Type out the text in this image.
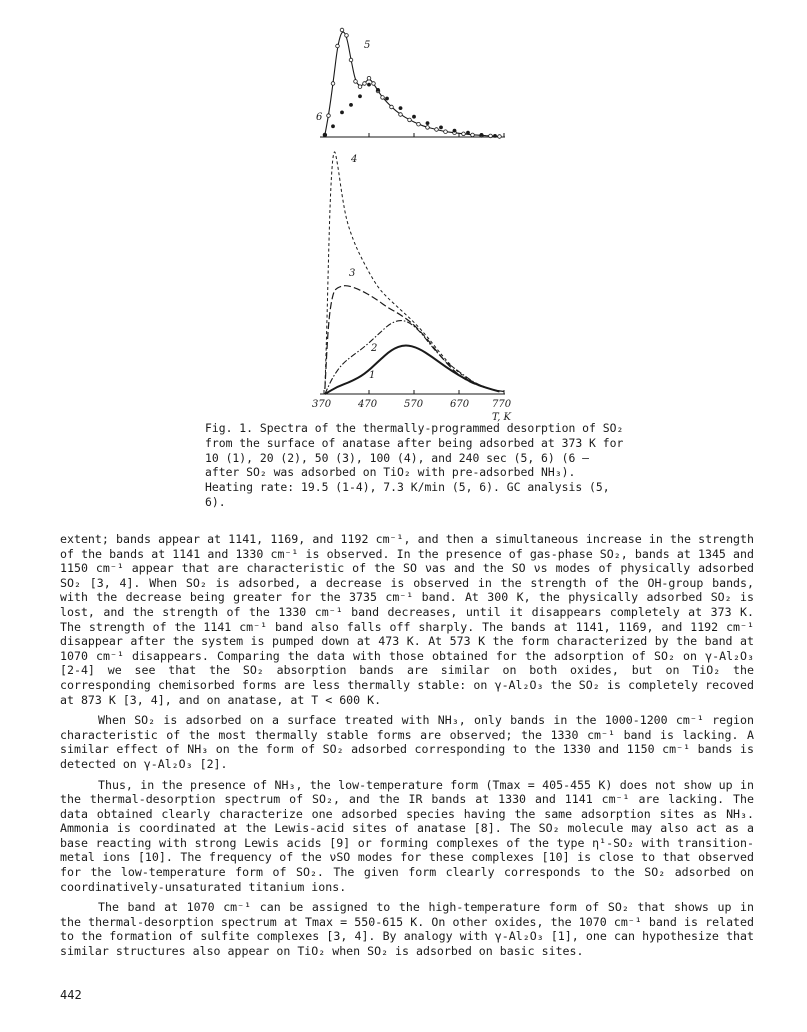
5
6
4
3
2
1
370	470	570	670 770
T, K

Fig. 1. Spectra of the thermally-programmed desorption of SO₂ from the surface of anatase after being adsorbed at 373 K for 10 (1), 20 (2), 50 (3), 100 (4), and 240 sec (5, 6) (6 — after SO₂ was adsorbed on TiO₂ with pre-adsorbed NH₃). Heating rate: 19.5 (1-4), 7.3 K/min (5, 6). GC analysis (5, 6).

extent; bands appear at 1141, 1169, and 1192 cm⁻¹, and then a simultaneous increase in the strength of the bands at 1141 and 1330 cm⁻¹ is observed. In the presence of gas-phase SO₂, bands at 1345 and 1150 cm⁻¹ appear that are characteristic of the SO νas and the SO νs modes of physically adsorbed SO₂ [3, 4]. When SO₂ is adsorbed, a decrease is observed in the strength of the OH-group bands, with the decrease being greater for the 3735 cm⁻¹ band. At 300 K, the physically adsorbed SO₂ is lost, and the strength of the 1330 cm⁻¹ band decreases, until it disappears completely at 373 K. The strength of the 1141 cm⁻¹ band also falls off sharply. The bands at 1141, 1169, and 1192 cm⁻¹ disappear after the system is pumped down at 473 K. At 573 K the form characterized by the band at 1070 cm⁻¹ disappears. Comparing the data with those obtained for the adsorption of SO₂ on γ-Al₂O₃ [2-4] we see that the SO₂ absorption bands are similar on both oxides, but on TiO₂ the corresponding chemisorbed forms are less thermally stable: on γ-Al₂O₃ the SO₂ is completely recoved at 873 K [3, 4], and on anatase, at T < 600 K.

When SO₂ is adsorbed on a surface treated with NH₃, only bands in the 1000-1200 cm⁻¹ region characteristic of the most thermally stable forms are observed; the 1330 cm⁻¹ band is lacking. A similar effect of NH₃ on the form of SO₂ adsorbed corresponding to the 1330 and 1150 cm⁻¹ bands is detected on γ-Al₂O₃ [2].

Thus, in the presence of NH₃, the low-temperature form (Tmax = 405-455 K) does not show up in the thermal-desorption spectrum of SO₂, and the IR bands at 1330 and 1141 cm⁻¹ are lacking. The data obtained clearly characterize one adsorbed species having the same adsorption sites as NH₃. Ammonia is coordinated at the Lewis-acid sites of anatase [8]. The SO₂ molecule may also act as a base reacting with strong Lewis acids [9] or forming complexes of the type η¹-SO₂ with transition-metal ions [10]. The frequency of the νSO modes for these complexes [10] is close to that observed for the low-temperature form of SO₂. The given form clearly corresponds to the SO₂ adsorbed on coordinatively-unsaturated titanium ions.

The band at 1070 cm⁻¹ can be assigned to the high-temperature form of SO₂ that shows up in the thermal-desorption spectrum at Tmax = 550-615 K. On other oxides, the 1070 cm⁻¹ band is related to the formation of sulfite complexes [3, 4]. By analogy with γ-Al₂O₃ [1], one can hypothesize that similar structures also appear on TiO₂ when SO₂ is adsorbed on basic sites.

442
